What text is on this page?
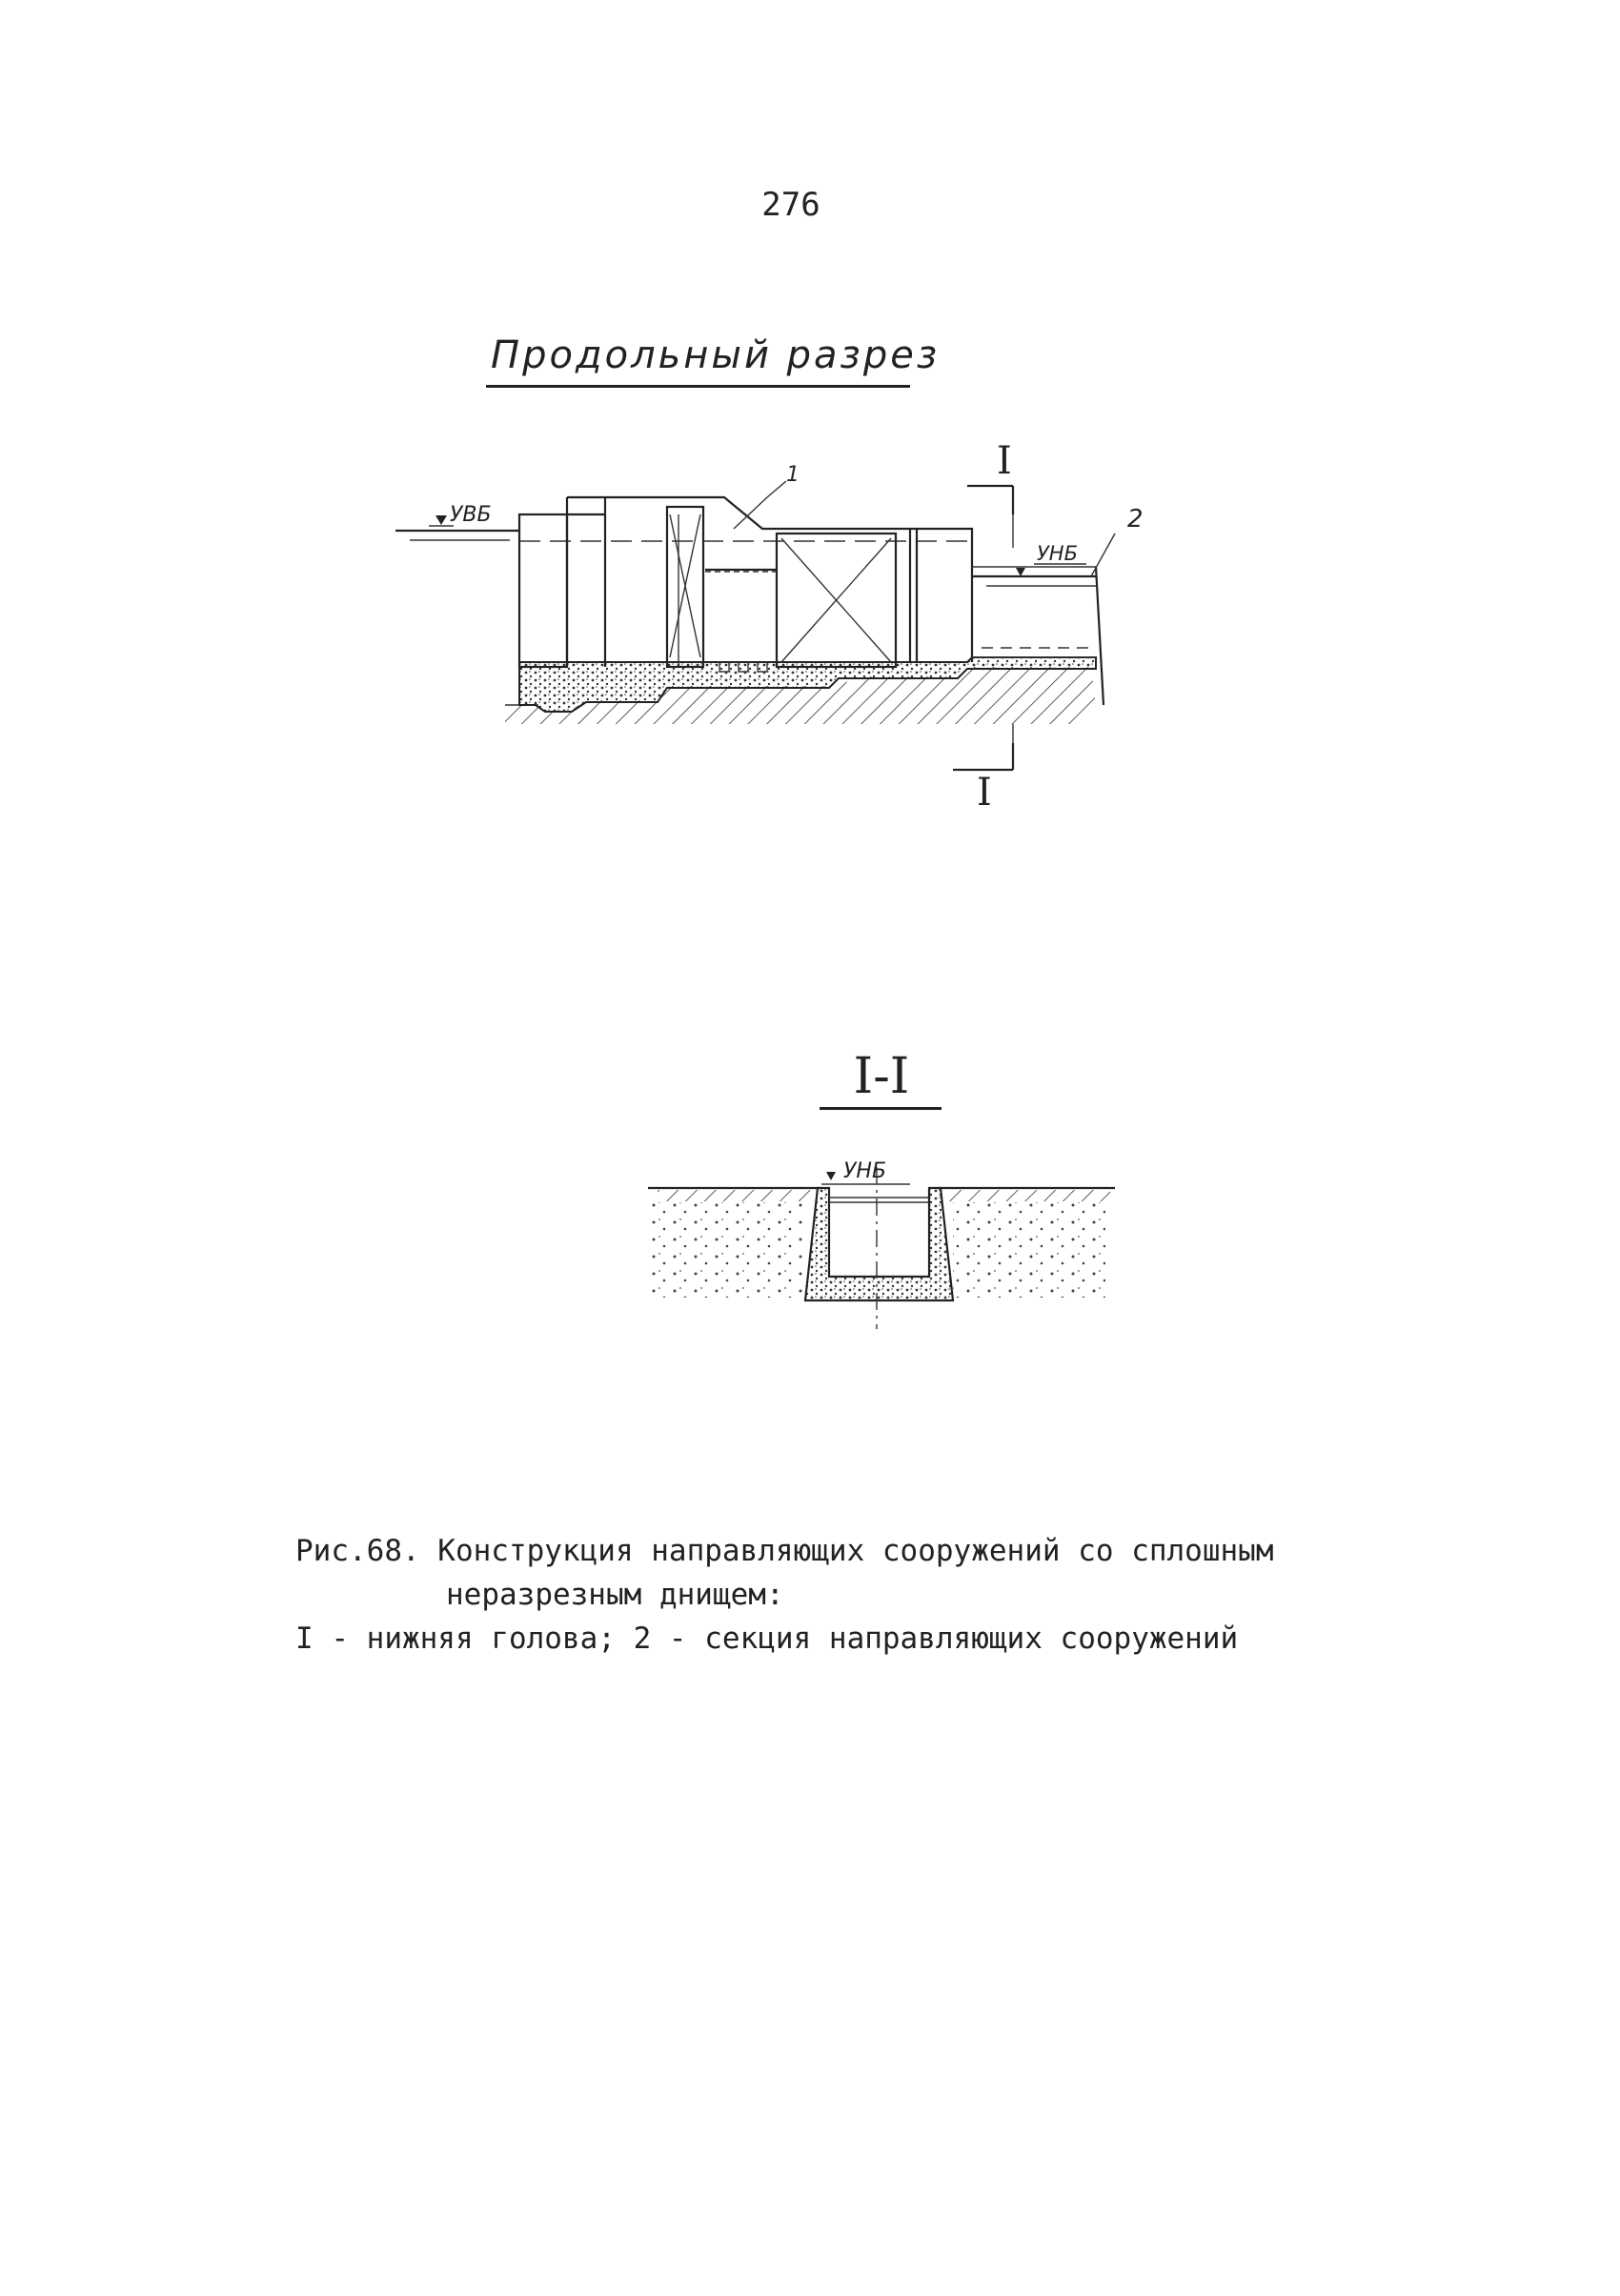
276
Продольный разрез
УВБ
УНБ
1
2
I
I
УНБ
I-I
Рис.68. Конструкция направляющих сооружений со сплошным
неразрезным днищем:
I - нижняя голова; 2 - секция направляющих сооружений
